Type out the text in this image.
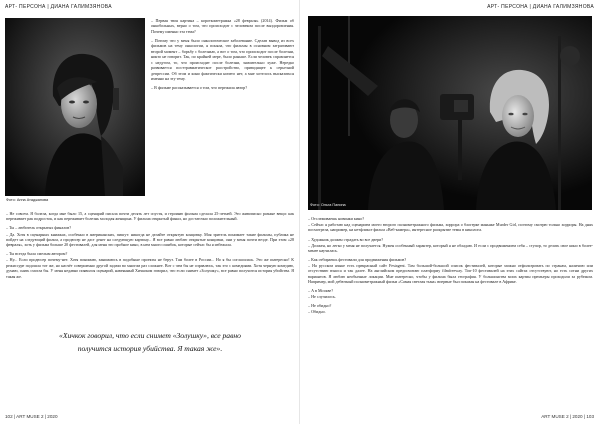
АРТ- ПЕРСОНА | ДИАНА ГАЛИМЗЯНОВА
Фото: Анна Атаджанова

– Первая твоя картина – короткометражка «28 февраля» (2014). Фильм об онкобольных, верно о том, что происходит с человеком после выздоровления. Почему именно эта тема?

– Потому что у меня было онкологическое заболевание. Сделав вывод из всех фильмов на тему онкологии, я поняла, что фильмы в основном затрагивают второй момент – борьбу с болезнью, а вот о том, что происходит после болезни, никто не говорит. Так, по крайней мере, было раньше. Если человек справляется с недугом, то, что происходит после болезни, значительно хуже. Нередко развивается посттравматическое расстройство, приводящее к серьезной депрессии. Об этом и кино фактически ничего нет, а мне хотелось высказаться именно на эту тему.

– В фильме рассказывается о том, что пережила автор?

– Не совсем. Я болела, когда мне было 15, а сценарий писала почти десять лет спустя, и героиню фильма сделала 25-летней. Это живописно разные вещи: как переживает рак подросток, и как переживает болезнь молодая женщина. У фильма открытый финал, но достаточно положительный.

– Ты – любитель открытых финалов?

– Да. Хотя в сценарных книжках, особенно в американских, пишут: никогда не делайте открытую концовку. Моя зритель понимает такие фильмы, публика не пойдет на следующий фильм, а продюсер не даст денег на следующую картину... Я все равно люблю открытые концовки, они у меня почти везде. При этом «28 февраля», хоть у фильма больше 20 фестивалей, для меня это пробное кино, в нем много ошибок, которые сейчас бы я избежала.

– Ты всегда была смелым автором?

– Ну... Если продюсер почему-нет. Хотя понимаю, занимаюсь в подобные проекты не берут. Там более в России... Но я бы согласилась. Это же интересно! К режиссуре подошла тот же, но насчёт совершенно другой задачи во многом раз сложнее. Вот с чем бы не справлюсь, так это с комедиями. Хотя черную комедию, думаю, снять смогла бы. У меня недавно появился сценарий, навеянный Хичкоком говорил, что если снимет «Золушку», все равно получится история убийства. Я такая же.

«Хичкок говорил, что если снимет «Золушку», все равно получится история убийства. Я такая же».
102 | ART MUSE 2 | 2020
АРТ- ПЕРСОНА | ДИАНА ГАЛИМЗЯНОВА
Фото: Ольга Панина

– Отслеживаешь новинки кино?

– Сейчас я работаю над сценарием моего второго полнометражного фильма, хоррора о блогерке маньяке Murder Girl, поэтому смотрю только хорроры. На днях посмотрела, например, на нетфликсе фильм «Веб-камера», интересное раскрытие темы в кинолога.

– Художник должен страдать во все двери?

– Должен, но легко у меня не получается. Нужен особенный характер, который я не обладаю. И если с продвижением себя – ступор, то делать свое кино в более-менее научилась.

– Как отбираешь фестивали для продвижения фильмов?

– На русском языке есть прекрасный сайт Festagent. Там большой-большой список фестивалей, которые можно отфильтровать по странам, наличию или отсутствию взноса и так далее. На английском предпочитаю платформу filmfreeway. Топ-10 фестивалей на этих сайтах отсутствуют, но есть сотни других вариантов. Я люблю необычные локации. Мне интересно, чтобы у фильма была география. У большинства моих картин премьеры проходили за рубежом. Например, мой дебютный полнометражный фильм «Самая светлая тьма» впервые был показан на фестивале в Африке.

– А в Москве?

– Не случилось.

– Не обидно?

– Обидно.

ART MUSE 2 | 2020 | 103
